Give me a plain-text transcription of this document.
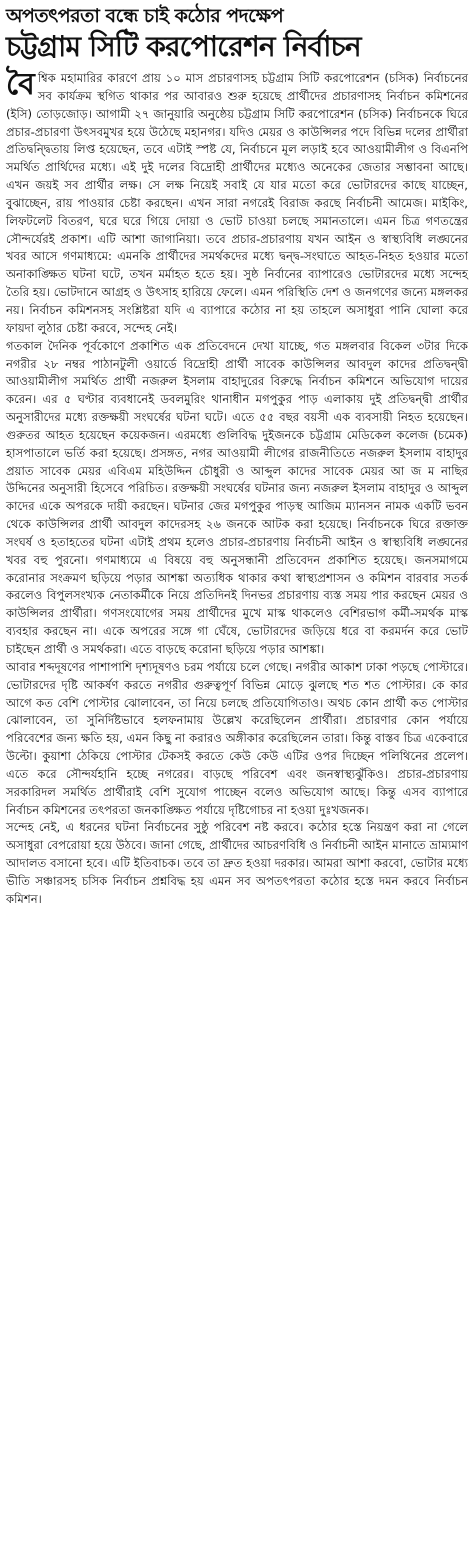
অপতৎপরতা বন্ধে চাই কঠোর পদক্ষেপ
চট্টগ্রাম সিটি করপোরেশন নির্বাচন

বৈশ্বিক মহামারির কারণে প্রায় ১০ মাস প্রচারণাসহ চট্টগ্রাম সিটি করপোরেশন (চসিক) নির্বাচনের সব কার্যক্রম স্থগিত থাকার পর আবারও শুরু হয়েছে প্রার্থীদের প্রচারণাসহ নির্বাচন কমিশনের (ইসি) তোড়জোড়। আগামী ২৭ জানুয়ারি অনুষ্ঠেয় চট্টগ্রাম সিটি করপোরেশন (চসিক) নির্বাচনকে ঘিরে প্রচার-প্রচারণা উৎসবমুখর হয়ে উঠেছে মহানগর। যদিও মেয়র ও কাউন্সিলর পদে বিভিন্ন দলের প্রার্থীরা প্রতিদ্বন্দ্বিতায় লিপ্ত হয়েছেন, তবে এটাই স্পষ্ট যে, নির্বাচনে মূল লড়াই হবে আওয়ামীলীগ ও বিএনপি সমর্থিত প্রার্থিদের মধ্যে। এই দুই দলের বিদ্রোহী প্রার্থীদের মধ্যেও অনেকের জেতার সম্ভাবনা আছে। এখন জয়ই সব প্রার্থীর লক্ষ। সে লক্ষ নিয়েই সবাই যে যার মতো করে ভোটারদের কাছে যাচ্ছেন, বুঝাচ্ছেন, রায় পাওয়ার চেষ্টা করছেন। এখন সারা নগরেই বিরাজ করছে নির্বাচনী আমেজ। মাইকিং, লিফটলেট বিতরণ, ঘরে ঘরে গিয়ে দোয়া ও ভোট চাওয়া চলছে সমানতালে। এমন চিত্র গণতন্ত্রের সৌন্দর্যেরই প্রকাশ। এটি আশা জাগানিয়া। তবে প্রচার-প্রচারণায় যখন আইন ও স্বাস্থ্যবিধি লঙ্ঘনের খবর আসে গণমাধ্যমে: এমনকি প্রার্থীদের সমর্থকদের মধ্যে দ্বন্দ্ব-সংঘাতে আহত-নিহত হওয়ার মতো অনাকাঙ্ক্ষিত ঘটনা ঘটে, তখন মর্মাহত হতে হয়। সুষ্ঠ নির্বানের ব্যাপারেও ভোটারদের মধ্যে সন্দেহ তৈরি হয়। ভোটদানে আগ্রহ ও উৎসাহ হারিয়ে ফেলে। এমন পরিস্থিতি দেশ ও জনগণের জন্যে মঙ্গলকর নয়। নির্বাচন কমিশনসহ সংশ্লিষ্টরা যদি এ ব্যাপারে কঠোর না হয় তাহলে অসাধুরা পানি ঘোলা করে ফায়দা লুঠার চেষ্টা করবে, সন্দেহ নেই।

গতকাল দৈনিক পূর্বকোণে প্রকাশিত এক প্রতিবেদনে দেখা যাচ্ছে, গত মঙ্গলবার বিকেল ৩টার দিকে নগরীর ২৮ নম্বর পাঠানটুলী ওয়ার্ডে বিদ্রোহী প্রার্থী সাবেক কাউন্সিলর আবদুল কাদের প্রতিদ্বন্দ্বী আওয়ামীলীগ সমর্থিত প্রার্থী নজরুল ইসলাম বাহাদুরের বিরুদ্ধে নির্বাচন কমিশনে অভিযোগ দায়ের করেন। এর ৫ ঘণ্টার ব্যবধানেই ডবলমুরিং থানাধীন মগপুকুর পাড় এলাকায় দুই প্রতিদ্বন্দ্বী প্রার্থীর অনুসারীদের মধ্যে রক্তক্ষয়ী সংঘর্ষের ঘটনা ঘটে। এতে ৫৫ বছর বয়সী এক ব্যবসায়ী নিহত হয়েছেন। গুরুতর আহত হয়েছেন কয়েকজন। এরমধ্যে গুলিবিদ্ধ দুইজনকে চট্টগ্রাম মেডিকেল কলেজ (চমেক) হাসপাতালে ভর্তি করা হয়েছে। প্রসঙ্গত, নগর আওয়ামী লীগের রাজনীতিতে নজরুল ইসলাম বাহাদুর প্রয়াত সাবেক মেয়র এবিএম মহিউদ্দিন চৌধুরী ও আব্দুল কাদের সাবেক মেয়র আ জ ম নাছির উদ্দিনের অনুসারী হিসেবে পরিচিত। রক্তক্ষয়ী সংঘর্ষের ঘটনার জন্য নজরুল ইসলাম বাহাদুর ও আব্দুল কাদের একে অপরকে দায়ী করছেন। ঘটনার জের মগপুকুর পাড়স্থ আজিম ম্যানসন নামক একটি ভবন থেকে কাউন্সিলর প্রার্থী আবদুল কাদেরসহ ২৬ জনকে আটক করা হয়েছে। নির্বাচনকে ঘিরে রক্তাক্ত সংঘর্ষ ও হতাহতের ঘটনা এটাই প্রথম হলেও প্রচার-প্রচারণায় নির্বাচনী আইন ও স্বাস্থ্যবিধি লঙ্ঘনের খবর বহু পুরনো। গণমাধ্যমে এ বিষয়ে বহু অনুসন্ধানী প্রতিবেদন প্রকাশিত হয়েছে। জনসমাগমে করোনার সংক্রমণ ছড়িয়ে পড়ার আশঙ্কা অত্যধিক থাকার কথা স্বাস্থ্যপ্রশাসন ও কমিশন বারবার সতর্ক করলেও বিপুলসংখ্যক নেতাকর্মীকে নিয়ে প্রতিদিনই দিনভর প্রচারণায় ব্যস্ত সময় পার করছেন মেয়র ও কাউন্সিলর প্রার্থীরা। গণসংযোগের সময় প্রার্থীদের মুখে মাস্ক থাকলেও বেশিরভাগ কর্মী-সমর্থক মাস্ক ব্যবহার করছেন না। একে অপরের সঙ্গে গা ঘেঁষে, ভোটারদের জড়িয়ে ধরে বা করমর্দন করে ভোট চাইছেন প্রার্থী ও সমর্থকরা। এতে বাড়ছে করোনা ছড়িয়ে পড়ার আশঙ্কা।

আবার শব্দদূষণের পাশাপাশি দৃশ্যদূষণও চরম পর্যায়ে চলে গেছে। নগরীর আকাশ ঢাকা পড়ছে পোস্টারে। ভোটারদের দৃষ্টি আকর্ষণ করতে নগরীর গুরুত্বপূর্ণ বিভিন্ন মোড়ে ঝুলছে শত শত পোস্টার। কে কার আগে কত বেশি পোস্টার ঝোলাবেন, তা নিয়ে চলছে প্রতিযোগিতাও। অথচ কোন প্রার্থী কত পোস্টার ঝোলাবেন, তা সুনির্দিষ্টভাবে হলফনামায় উল্লেখ করেছিলেন প্রার্থীরা। প্রচারণার কোন পর্যায়ে পরিবেশের জন্য ক্ষতি হয়, এমন কিছু না করারও অঙ্গীকার করেছিলেন তারা। কিন্তু বাস্তব চিত্র একেবারে উল্টো। কুয়াশা ঠেকিয়ে পোস্টার টেকসই করতে কেউ কেউ এটির ওপর দিচ্ছেন পলিথিনের প্রলেপ। এতে করে সৌন্দর্যহানি হচ্ছে নগরের। বাড়ছে পরিবেশ এবং জনস্বাস্থ্যঝুঁকিও। প্রচার-প্রচারণায় সরকারিদল সমর্থিত প্রার্থীরাই বেশি সুযোগ পাচ্ছেন বলেও অভিযোগ আছে। কিন্তু এসব ব্যাপারে নির্বাচন কমিশনের তৎপরতা জনকাঙ্ক্ষিত পর্যায়ে দৃষ্টিগোচর না হওয়া দুঃখজনক।

সন্দেহ নেই, এ ধরনের ঘটনা নির্বাচনের সুষ্ঠু পরিবেশ নষ্ট করবে। কঠোর হস্তে নিয়ন্ত্রণ করা না গেলে অসাধুরা বেপরোয়া হয়ে উঠবে। জানা গেছে, প্রার্থীদের আচরণবিধি ও নির্বাচনী আইন মানাতে ভ্রাম্যমাণ আদালত বসানো হবে। এটি ইতিবাচক। তবে তা দ্রুত হওয়া দরকার। আমরা আশা করবো, ভোটার মধ্যে ভীতি সঞ্চারসহ চসিক নির্বাচন প্রশ্নবিদ্ধ হয় এমন সব অপতৎপরতা কঠোর হস্তে দমন করবে নির্বাচন কমিশন।
